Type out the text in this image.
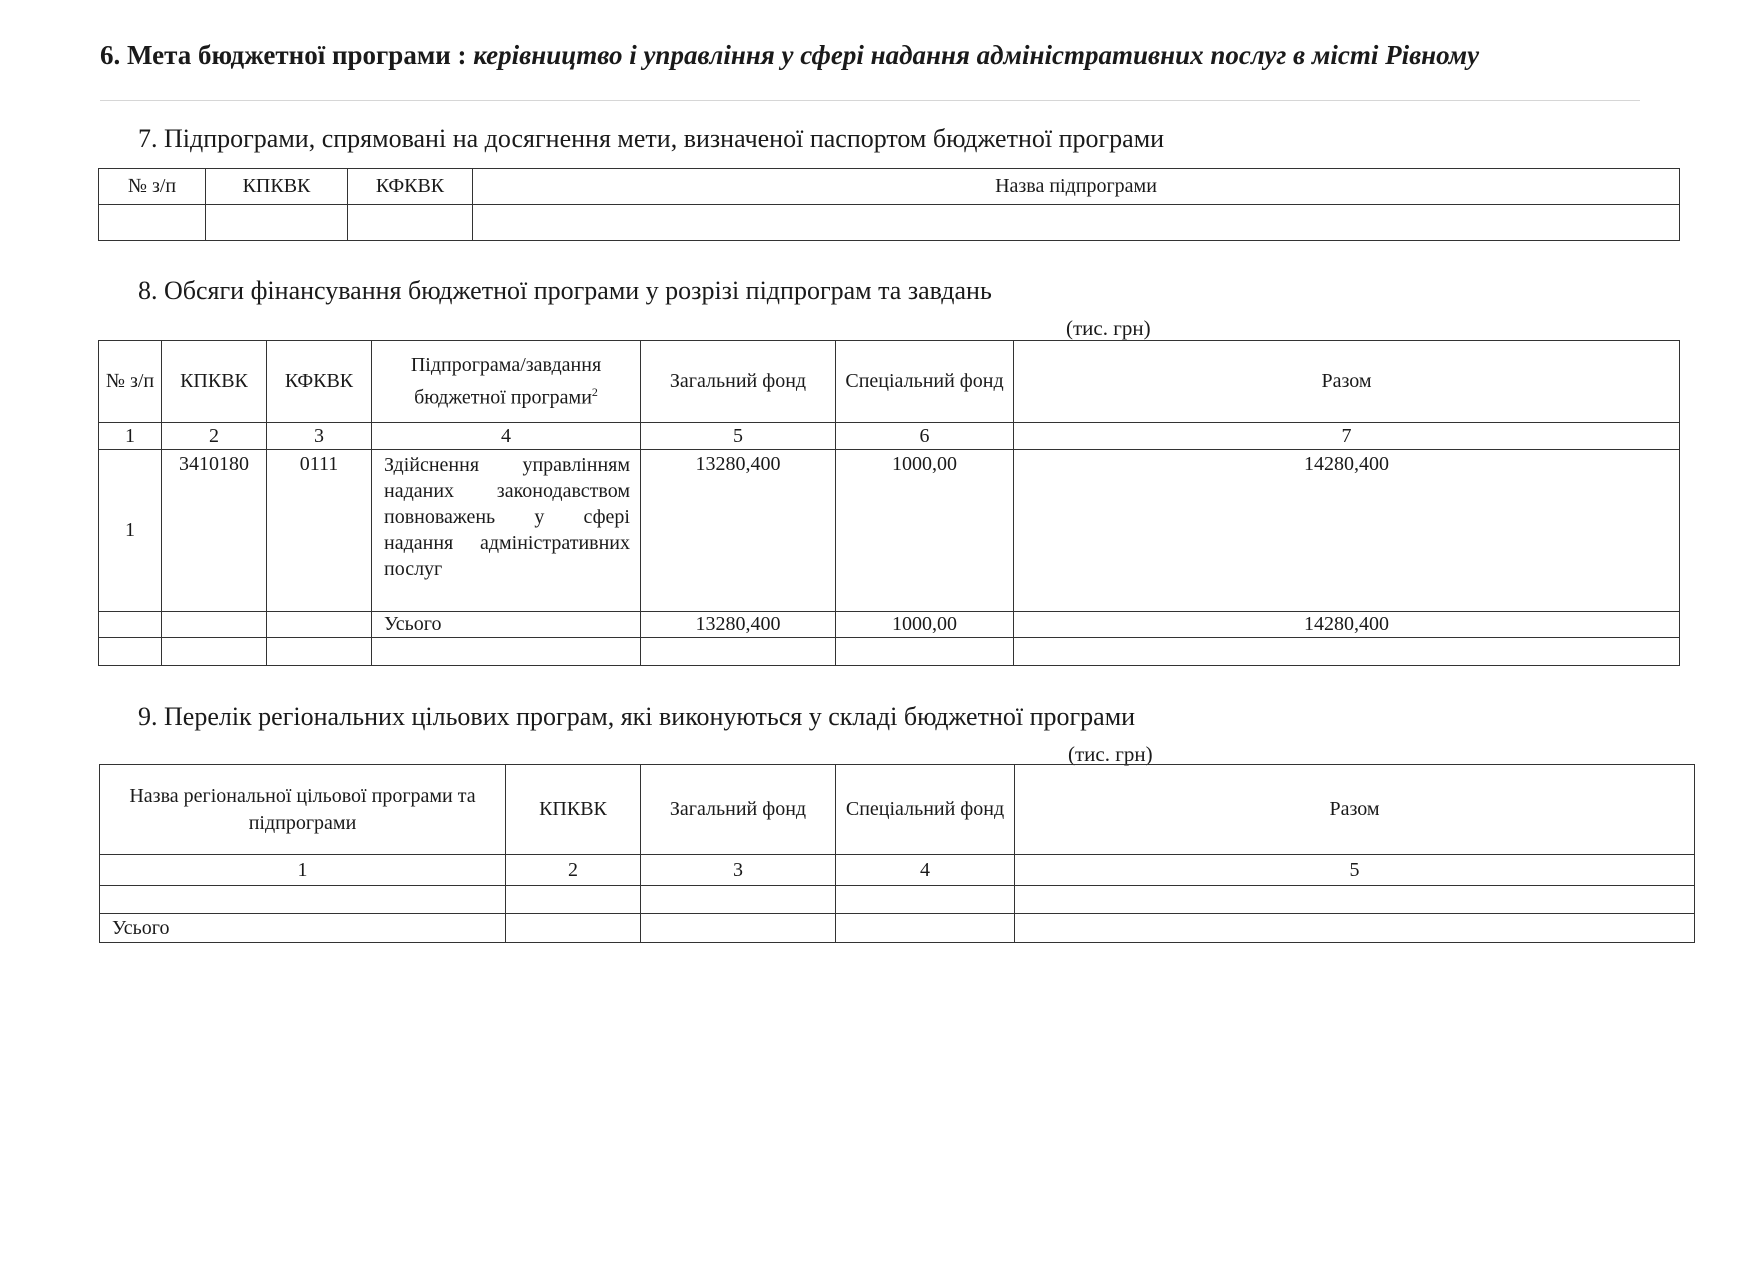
6. Мета бюджетної програми : керівництво і управління у сфері надання адміністративних послуг в місті Рівному
7. Підпрограми, спрямовані на досягнення мети, визначеної паспортом бюджетної програми
№ з/п	КПКВК	КФКВК	Назва підпрограми

8. Обсяги фінансування бюджетної програми у розрізі підпрограм та завдань
(тис. грн)
№ з/п	КПКВК	КФКВК	Підпрограма/завдання бюджетної програми$^2$	Загальний фонд	Спеціальний фонд	Разом
1	2	3	4	5	6	7
1	3410180	0111	Здійснення управлінням наданих законодавством повноважень у сфері надання адміністративних послуг	13280,400	1000,00	14280,400
			Усього	13280,400	1000,00	14280,400

9. Перелік регіональних цільових програм, які виконуються у складі бюджетної програми
(тис. грн)
Назва регіональної цільової програми та підпрограми	КПКВК	Загальний фонд	Спеціальний фонд	Разом
1	2	3	4	5

Усього				
